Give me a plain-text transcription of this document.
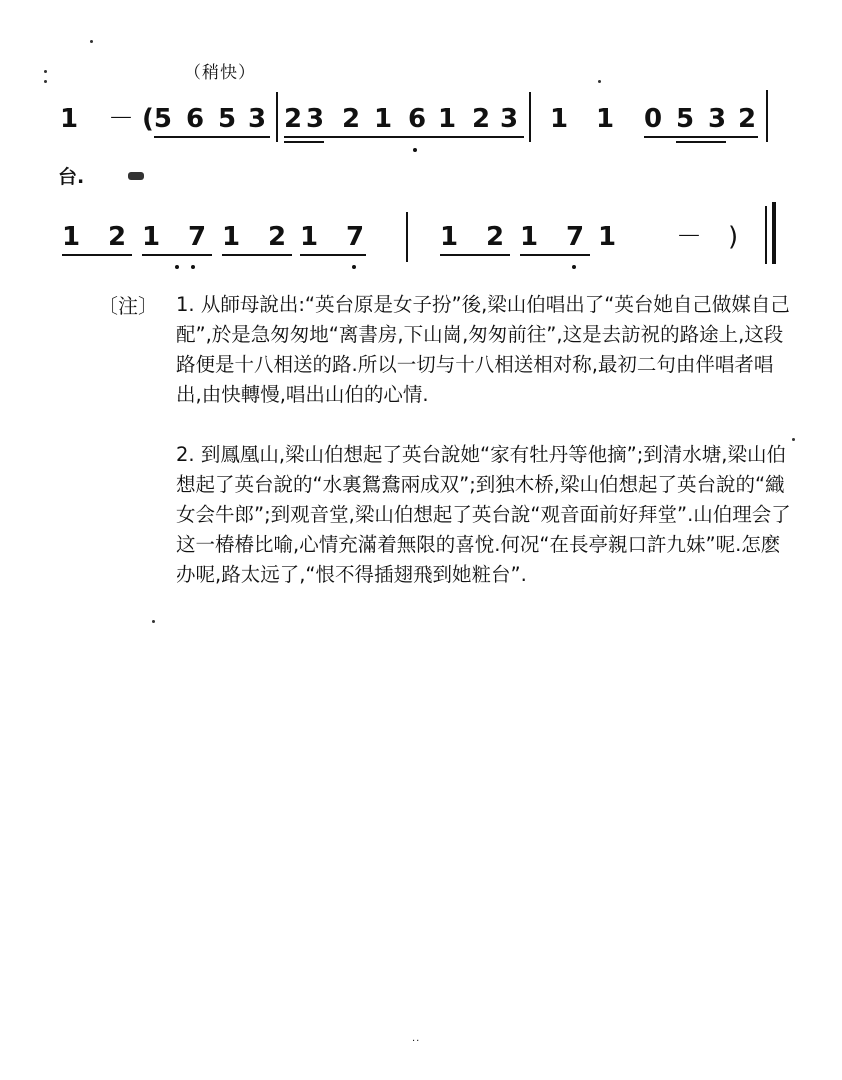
（稍快）
1 － (5 6 5 3 2 3 2 1 6 1 2 3 1 1 0 5 3 2
台.
1 2 1 7 1 2 1 7	1 2 1 7 1 － )
〔注〕 1. 从師母說出:“英台原是女子扮”後,梁山伯唱出了“英台她自己做媒自己配”,於是急匆匆地“离書房,下山崗,匆匆前往”,这是去訪祝的路途上,这段路便是十八相送的路.所以一切与十八相送相对称,最初二句由伴唱者唱出,由快轉慢,唱出山伯的心情.
2. 到鳳凰山,梁山伯想起了英台說她“家有牡丹等他摘”;到清水塘,梁山伯想起了英台說的“水裏鴛鴦兩成双”;到独木桥,梁山伯想起了英台說的“織女会牛郎”;到观音堂,梁山伯想起了英台說“观音面前好拜堂”.山伯理会了这一椿椿比喻,心情充滿着無限的喜悅.何况“在長亭親口許九妹”呢.怎麽办呢,路太远了,“恨不得插翅飛到她粧台”.
··
